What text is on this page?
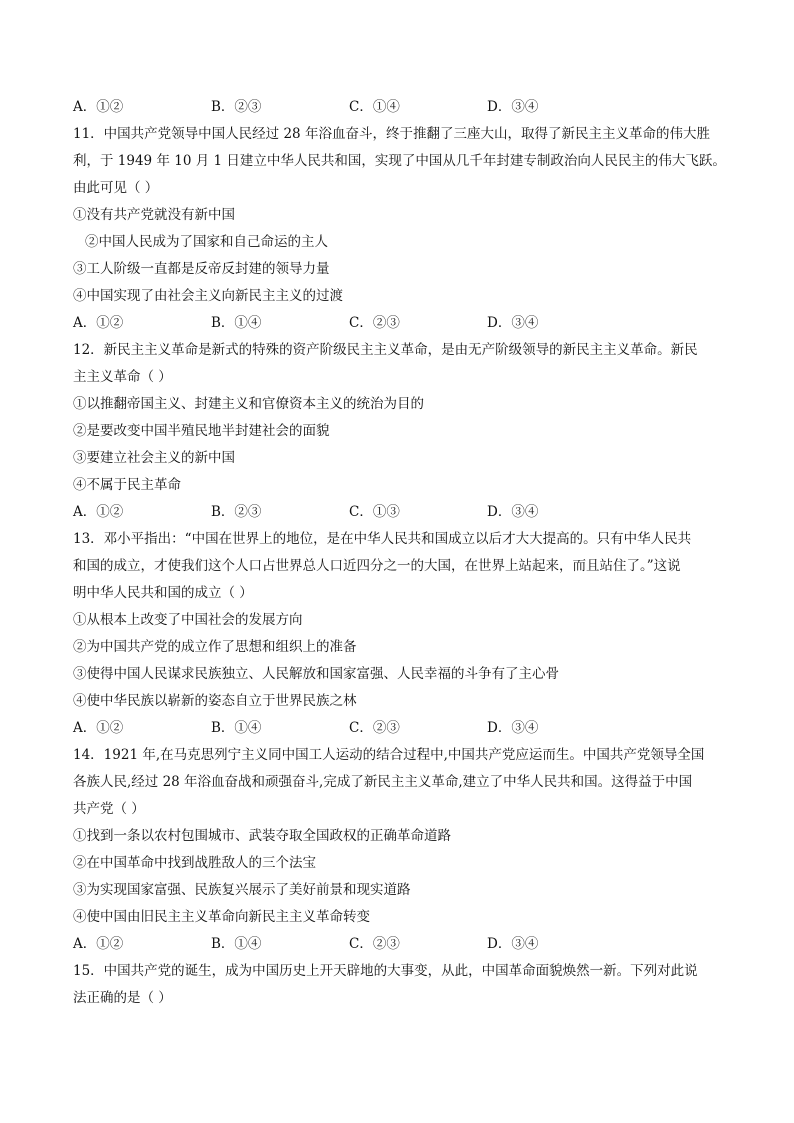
A．①②	B．②③	C．①④	D．③④
11．中国共产党领导中国人民经过 28 年浴血奋斗，终于推翻了三座大山，取得了新民主主义革命的伟大胜
利，于 1949 年 10 月 1 日建立中华人民共和国，实现了中国从几千年封建专制政治向人民民主的伟大飞跃。
由此可见（ ）
①没有共产党就没有新中国
②中国人民成为了国家和自己命运的主人
③工人阶级一直都是反帝反封建的领导力量
④中国实现了由社会主义向新民主主义的过渡
A．①②	B．①④	C．②③	D．③④
12．新民主主义革命是新式的特殊的资产阶级民主主义革命，是由无产阶级领导的新民主主义革命。新民
主主义革命（ ）
①以推翻帝国主义、封建主义和官僚资本主义的统治为目的
②是要改变中国半殖民地半封建社会的面貌
③要建立社会主义的新中国
④不属于民主革命
A．①②	B．②③	C．①③	D．③④
13．邓小平指出：“中国在世界上的地位，是在中华人民共和国成立以后才大大提高的。只有中华人民共
和国的成立，才使我们这个人口占世界总人口近四分之一的大国，在世界上站起来，而且站住了。”这说
明中华人民共和国的成立（ ）
①从根本上改变了中国社会的发展方向
②为中国共产党的成立作了思想和组织上的准备
③使得中国人民谋求民族独立、人民解放和国家富强、人民幸福的斗争有了主心骨
④使中华民族以崭新的姿态自立于世界民族之林
A．①②	B．①④	C．②③	D．③④
14．1921 年,在马克思列宁主义同中国工人运动的结合过程中,中国共产党应运而生。中国共产党领导全国
各族人民,经过 28 年浴血奋战和顽强奋斗,完成了新民主主义革命,建立了中华人民共和国。这得益于中国
共产党（ ）
①找到一条以农村包围城市、武装夺取全国政权的正确革命道路
②在中国革命中找到战胜敌人的三个法宝
③为实现国家富强、民族复兴展示了美好前景和现实道路
④使中国由旧民主主义革命向新民主主义革命转变
A．①②	B．①④	C．②③	D．③④
15．中国共产党的诞生，成为中国历史上开天辟地的大事变，从此，中国革命面貌焕然一新。下列对此说
法正确的是（ ）
